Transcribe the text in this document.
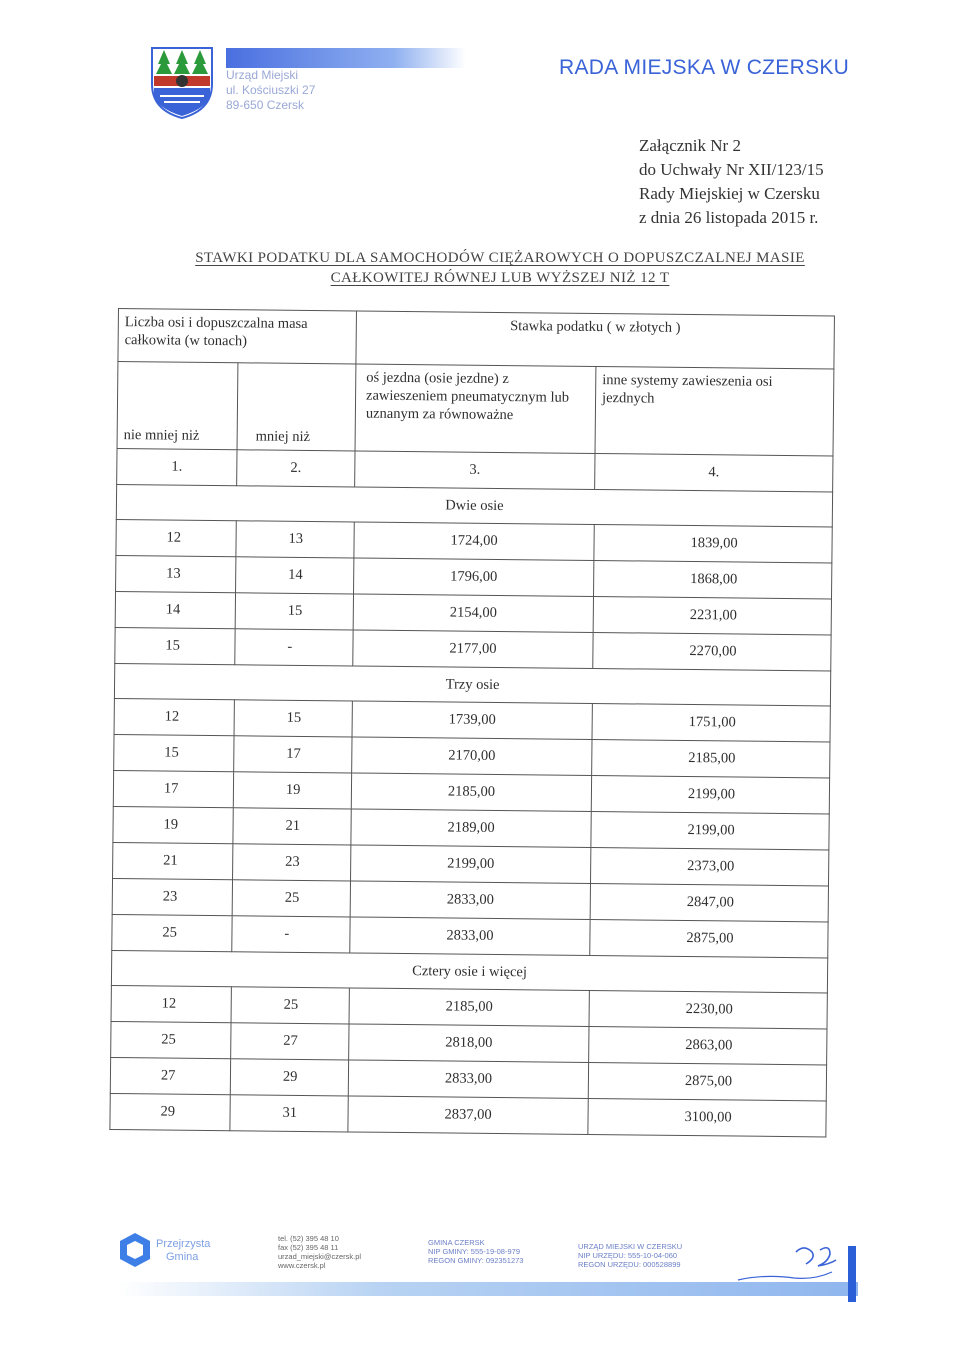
Urząd Miejski
ul. Kościuszki 27
89-650 Czersk
RADA MIEJSKA W CZERSKU
Załącznik Nr 2
do Uchwały Nr XII/123/15
Rady Miejskiej w Czersku
z dnia 26 listopada 2015 r.
STAWKI PODATKU DLA SAMOCHODÓW CIĘŻAROWYCH O DOPUSZCZALNEJ MASIE
CAŁKOWITEJ RÓWNEJ LUB WYŻSZEJ NIŻ 12 T
Liczba osi i dopuszczalna masa całkowita (w tonach)		Stawka podatku ( w złotych )	
nie mniej niż	mniej niż	oś jezdna (osie jezdne) z zawieszeniem pneumatycznym lub uznanym za równoważne	inne systemy zawieszenia osi jezdnych
1.	2.	3.	4.
Dwie osie			
12	13	1724,00	1839,00
13	14	1796,00	1868,00
14	15	2154,00	2231,00
15	-	2177,00	2270,00
Trzy osie			
12	15	1739,00	1751,00
15	17	2170,00	2185,00
17	19	2185,00	2199,00
19	21	2189,00	2199,00
21	23	2199,00	2373,00
23	25	2833,00	2847,00
25	-	2833,00	2875,00
Cztery osie i więcej			
12	25	2185,00	2230,00
25	27	2818,00	2863,00
27	29	2833,00	2875,00
29	31	2837,00	3100,00
Przejrzysta
Gmina
tel. (52) 395 48 10
fax (52) 395 48 11
urzad_miejski@czersk.pl
www.czersk.pl
GMINA CZERSK
NIP GMINY: 555-19-08-979
REGON GMINY: 092351273
URZĄD MIEJSKI W CZERSKU
NIP URZĘDU: 555-10-04-060
REGON URZĘDU: 000528899
